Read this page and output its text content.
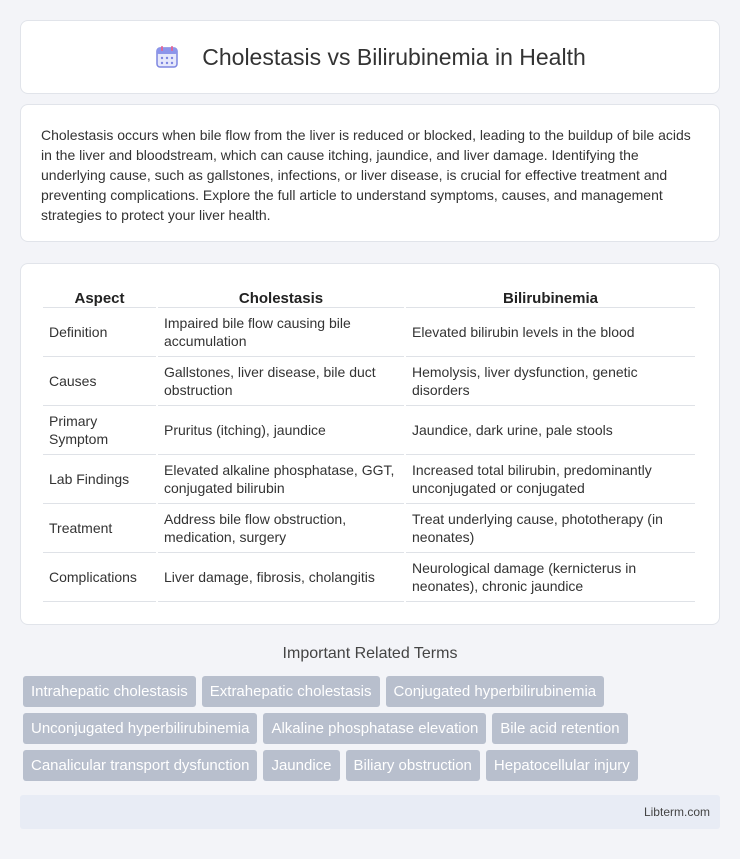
Cholestasis vs Bilirubinemia in Health

Cholestasis occurs when bile flow from the liver is reduced or blocked, leading to the buildup of bile acids in the liver and bloodstream, which can cause itching, jaundice, and liver damage. Identifying the underlying cause, such as gallstones, infections, or liver disease, is crucial for effective treatment and preventing complications. Explore the full article to understand symptoms, causes, and management strategies to protect your liver health.

Aspect	Cholestasis	Bilirubinemia
Definition	Impaired bile flow causing bile accumulation	Elevated bilirubin levels in the blood
Causes	Gallstones, liver disease, bile duct obstruction	Hemolysis, liver dysfunction, genetic disorders
Primary Symptom	Pruritus (itching), jaundice	Jaundice, dark urine, pale stools
Lab Findings	Elevated alkaline phosphatase, GGT, conjugated bilirubin	Increased total bilirubin, predominantly unconjugated or conjugated
Treatment	Address bile flow obstruction, medication, surgery	Treat underlying cause, phototherapy (in neonates)
Complications	Liver damage, fibrosis, cholangitis	Neurological damage (kernicterus in neonates), chronic jaundice
Important Related Terms
Intrahepatic cholestasis	Extrahepatic cholestasis	Conjugated hyperbilirubinemia
Unconjugated hyperbilirubinemia	Alkaline phosphatase elevation	Bile acid retention
Canalicular transport dysfunction	Jaundice	Biliary obstruction	Hepatocellular injury
Libterm.com
